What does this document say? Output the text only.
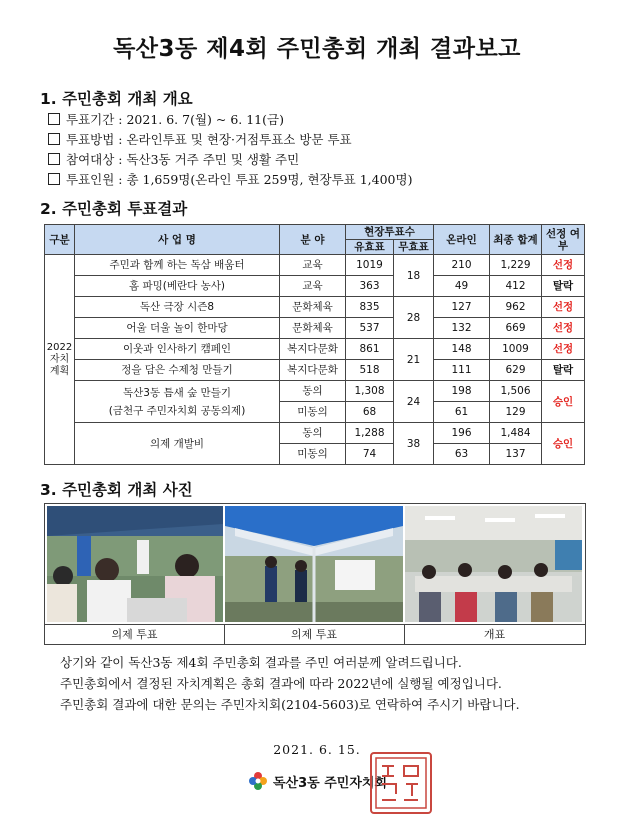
독산3동 제4회 주민총회 개최 결과보고
1. 주민총회 개최 개요
투표기간 : 2021. 6. 7(월) ~ 6. 11(금)
투표방법 : 온라인투표 및 현장·거점투표소 방문 투표
참여대상 : 독산3동 거주 주민 및 생활 주민
투표인원 : 총 1,659명(온라인 투표 259명, 현장투표 1,400명)
2. 주민총회 투표결과
구분	사 업 명	분 야	현장투표수		온라인	최종 합계	선정 여부
			유효표	무효표			
2022 자치 계획	주민과 함께 하는 독삼 배움터	교육	1019	18	210	1,229	선정
	홈 파밍(베란다 농사)	교육	363		49	412	탈락
	독산 극장 시즌8	문화체육	835	28	127	962	선정
	어울 더울 놀이 한마당	문화체육	537		132	669	선정
	이웃과 인사하기 캠페인	복지다문화	861	21	148	1009	선정
	정을 담은 수제청 만들기	복지다문화	518		111	629	탈락

	독산3동 틈새 숲 만들기
(금천구 주민자치회 공동의제)	동의	1,308	24	198	1,506	승인
		미동의	68		61	129	
	의제 개발비	동의	1,288	38	196	1,484	승인
		미동의	74		63	137	
3. 주민총회 개최 사진
의제 투표	의제 투표	개표
상기와 같이 독산3동 제4회 주민총회 결과를 주민 여러분께 알려드립니다.
주민총회에서 결정된 자치계획은 총회 결과에 따라 2022년에 실행될 예정입니다.
주민총회 결과에 대한 문의는 주민자치회(2104-5603)로 연락하여 주시기 바랍니다.
2021. 6. 15.
독산3동 주민자치회
